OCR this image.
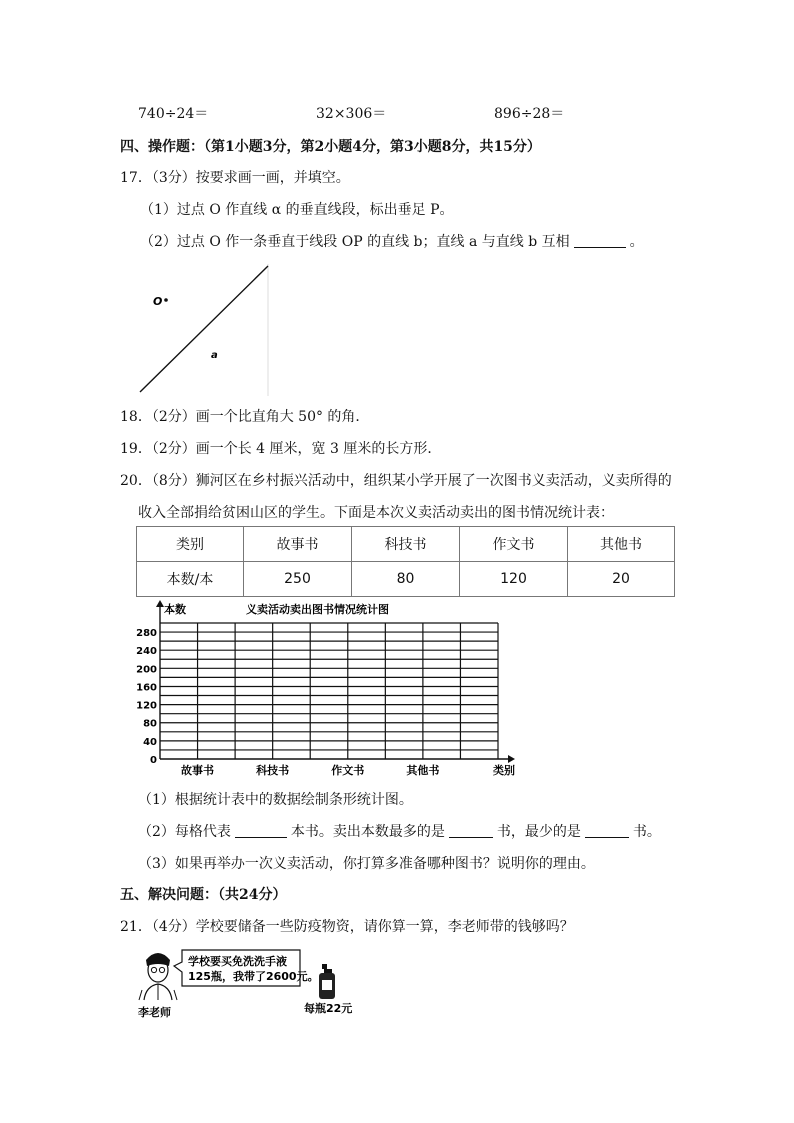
740÷24＝	32×306＝	896÷28＝
四、操作题：（第1小题3分，第2小题4分，第3小题8分，共15分）
17．（3分）按要求画一画，并填空。
（1）过点 O 作直线 α 的垂直线段，标出垂足 P。
（2）过点 O 作一条垂直于线段 OP 的直线 b；直线 a 与直线 b 互相	。
O
a
18．（2分）画一个比直角大 50° 的角．
19．（2分）画一个长 4 厘米，宽 3 厘米的长方形．
20．（8分）狮河区在乡村振兴活动中，组织某小学开展了一次图书义卖活动，义卖所得的
收入全部捐给贫困山区的学生。下面是本次义卖活动卖出的图书情况统计表：
类别	故事书	科技书	作文书	其他书
本数/本	250	80	120	20
0
40
80
120
160
200
240
280
故事书	科技书	作文书	其他书
义卖活动卖出图书情况统计图
本数
类别
（1）根据统计表中的数据绘制条形统计图。
（2）每格代表	本书。卖出本数最多的是	书，最少的是	书。
（3）如果再举办一次义卖活动，你打算多准备哪种图书？说明你的理由。
五、解决问题：（共24分）
21．（4分）学校要储备一些防疫物资，请你算一算，李老师带的钱够吗？
学校要买免洗洗手液
125瓶，我带了2600元。
李老师	每瓶22元
